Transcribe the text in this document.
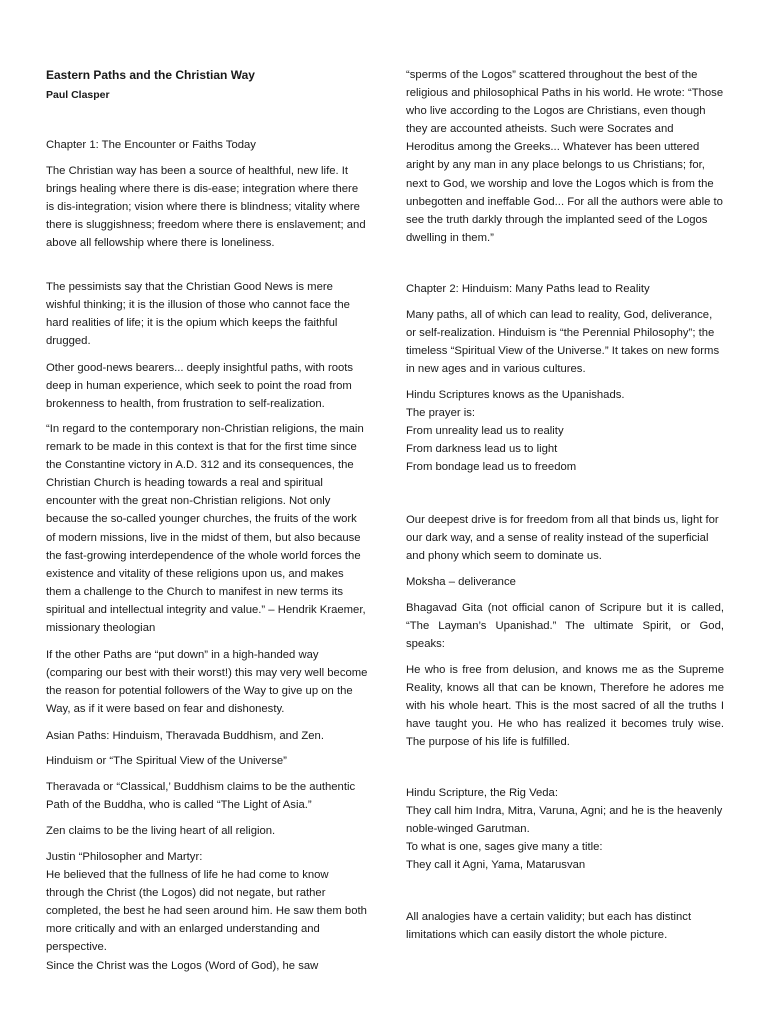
Eastern Paths and the Christian Way
Paul Clasper
Chapter 1: The Encounter or Faiths Today

The Christian way has been a source of healthful, new life. It brings healing where there is dis-ease; integration where there is dis-integration; vision where there is blindness; vitality where there is sluggishness; freedom where there is enslavement; and above all fellowship where there is loneliness.

The pessimists say that the Christian Good News is mere wishful thinking; it is the illusion of those who cannot face the hard realities of life; it is the opium which keeps the faithful drugged.

Other good-news bearers... deeply insightful paths, with roots deep in human experience, which seek to point the road from brokenness to health, from frustration to self-realization.

“In regard to the contemporary non-Christian religions, the main remark to be made in this context is that for the first time since the Constantine victory in A.D. 312 and its consequences, the Christian Church is heading towards a real and spiritual encounter with the great non-Christian religions. Not only because the so-called younger churches, the fruits of the work of modern missions, live in the midst of them, but also because the fast-growing interdependence of the whole world forces the existence and vitality of these religions upon us, and makes them a challenge to the Church to manifest in new terms its spiritual and intellectual integrity and value.” – Hendrik Kraemer, missionary theologian

If the other Paths are “put down” in a high-handed way (comparing our best with their worst!) this may very well become the reason for potential followers of the Way to give up on the Way, as if it were based on fear and dishonesty.

Asian Paths: Hinduism, Theravada Buddhism, and Zen.
Hinduism or “The Spiritual View of the Universe”

Theravada or “Classical,’ Buddhism claims to be the authentic Path of the Buddha, who is called “The Light of Asia.”

Zen claims to be the living heart of all religion.
Justin “Philosopher and Martyr:

He believed that the fullness of life he had come to know through the Christ (the Logos) did not negate, but rather completed, the best he had seen around him. He saw them both more critically and with an enlarged understanding and perspective.

Since the Christ was the Logos (Word of God), he saw

“sperms of the Logos” scattered throughout the best of the religious and philosophical Paths in his world. He wrote: “Those who live according to the Logos are Christians, even though they are accounted atheists. Such were Socrates and Heroditus among the Greeks... Whatever has been uttered aright by any man in any place belongs to us Christians; for, next to God, we worship and love the Logos which is from the unbegotten and ineffable God... For all the authors were able to see the truth darkly through the implanted seed of the Logos dwelling in them.”

Chapter 2: Hinduism: Many Paths lead to Reality

Many paths, all of which can lead to reality, God, deliverance, or self-realization. Hinduism is “the Perennial Philosophy”; the timeless “Spiritual View of the Universe.” It takes on new forms in new ages and in various cultures.

Hindu Scriptures knows as the Upanishads.
The prayer is:
From unreality lead us to reality
From darkness lead us to light
From bondage lead us to freedom

Our deepest drive is for freedom from all that binds us, light for our dark way, and a sense of reality instead of the superficial and phony which seem to dominate us.

Moksha – deliverance

Bhagavad Gita (not official canon of Scripure but it is called, “The Layman’s Upanishad.” The ultimate Spirit, or God, speaks:

He who is free from delusion, and knows me as the Supreme Reality, knows all that can be known, Therefore he adores me with his whole heart. This is the most sacred of all the truths I have taught you. He who has realized it becomes truly wise. The purpose of his life is fulfilled.

Hindu Scripture, the Rig Veda:

They call him Indra, Mitra, Varuna, Agni; and he is the heavenly noble-winged Garutman.

To what is one, sages give many a title:
They call it Agni, Yama, Matarusvan

All analogies have a certain validity; but each has distinct limitations which can easily distort the whole picture.
